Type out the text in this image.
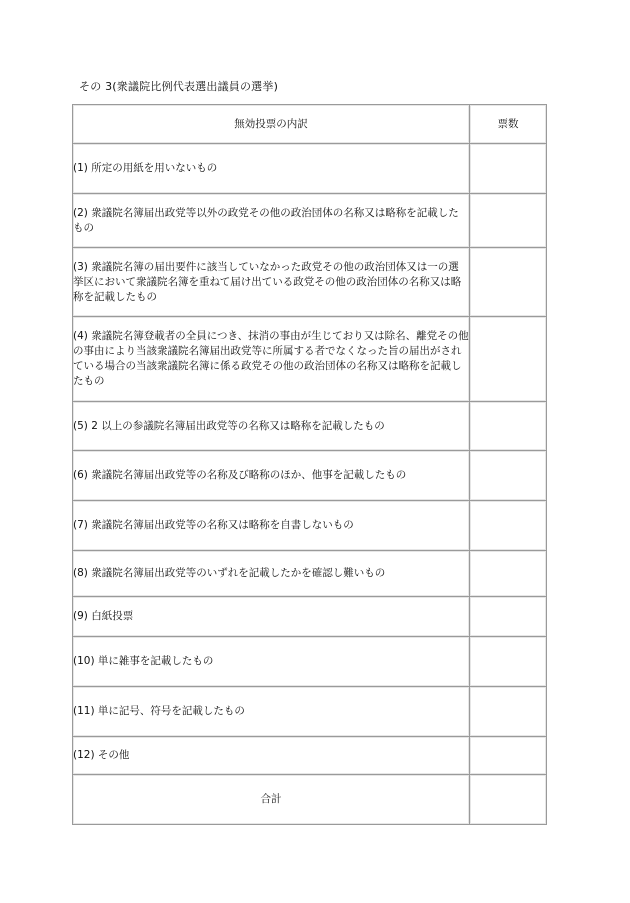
その 3(衆議院比例代表選出議員の選挙)
無効投票の内訳	票数
(1) 所定の用紙を用いないもの	
(2) 衆議院名簿届出政党等以外の政党その他の政治団体の名称又は略称を記載したもの	
(3) 衆議院名簿の届出要件に該当していなかった政党その他の政治団体又は一の選挙区において衆議院名簿を重ねて届け出ている政党その他の政治団体の名称又は略称を記載したもの	
(4) 衆議院名簿登載者の全員につき、抹消の事由が生じており又は除名、離党その他の事由により当該衆議院名簿届出政党等に所属する者でなくなった旨の届出がされている場合の当該衆議院名簿に係る政党その他の政治団体の名称又は略称を記載したもの	
(5) 2 以上の参議院名簿届出政党等の名称又は略称を記載したもの	
(6) 衆議院名簿届出政党等の名称及び略称のほか、他事を記載したもの	
(7) 衆議院名簿届出政党等の名称又は略称を自書しないもの	
(8) 衆議院名簿届出政党等のいずれを記載したかを確認し難いもの	
(9) 白紙投票	
(10) 単に雑事を記載したもの	
(11) 単に記号、符号を記載したもの	
(12) その他	
合計	
